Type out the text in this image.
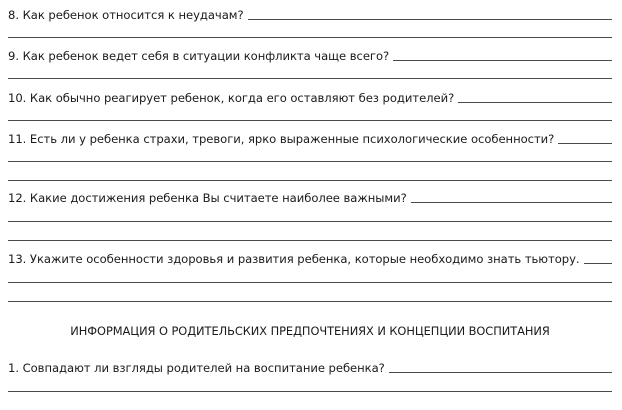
8. Как ребенок относится к неудачам?
9. Как ребенок ведет себя в ситуации конфликта чаще всего?
10. Как обычно реагирует ребенок, когда его оставляют без родителей?
11. Есть ли у ребенка страхи, тревоги, ярко выраженные психологические особенности?
12. Какие достижения ребенка Вы считаете наиболее важными?
13. Укажите особенности здоровья и развития ребенка, которые необходимо знать тьютору.
ИНФОРМАЦИЯ О РОДИТЕЛЬСКИХ ПРЕДПОЧТЕНИЯХ И КОНЦЕПЦИИ ВОСПИТАНИЯ
1. Совпадают ли взгляды родителей на воспитание ребенка?
